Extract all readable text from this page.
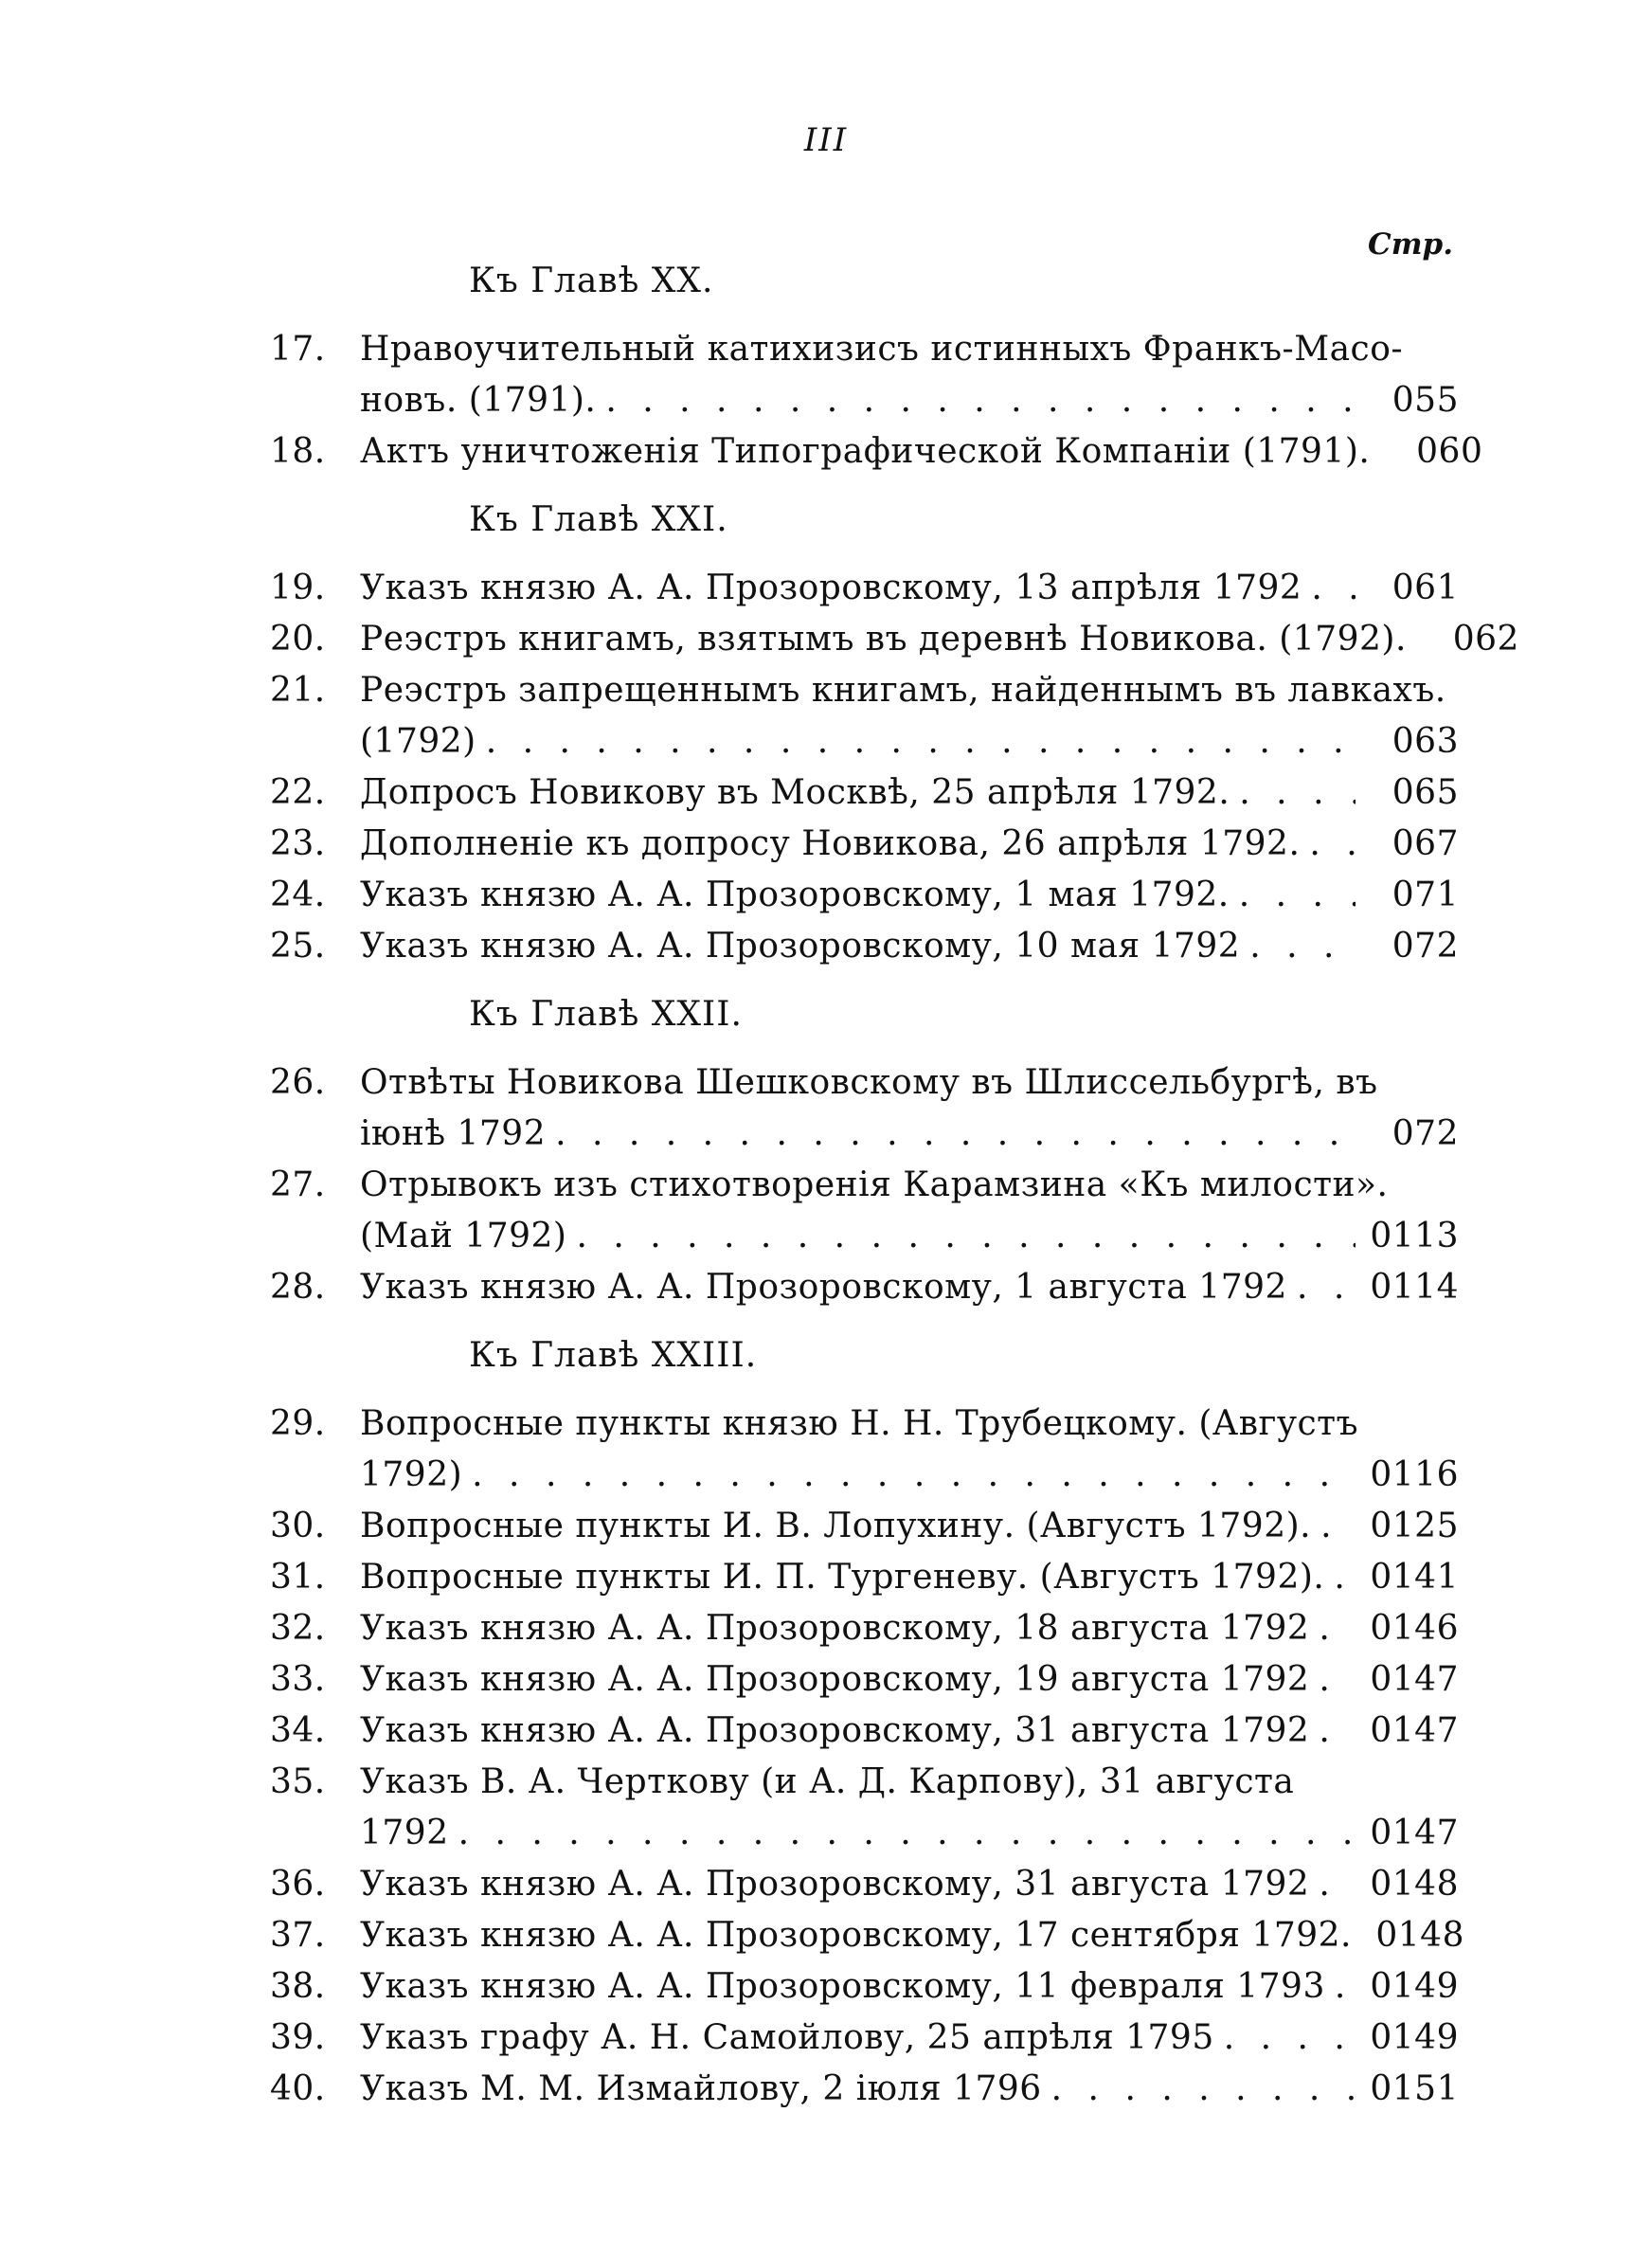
III
Стр.
Къ Главѣ XX.
17.	Нравоучительный катихизисъ истинныхъ Франкъ-Масо-
новъ. (1791). . . .	055
18.	Актъ уничтоженія Типографической Компаніи (1791). . . .	060
Къ Главѣ XXI.
19.	Указъ князю А. А. Прозоровскому, 13 апрѣля 1792 . . .	061
20.	Реэстръ книгамъ, взятымъ въ деревнѣ Новикова. (1792). . . .	062
21.	Реэстръ запрещеннымъ книгамъ, найденнымъ въ лавкахъ.
(1792) . . .	063
22.	Допросъ Новикову въ Москвѣ, 25 апрѣля 1792. . . .	065
23.	Дополненіе къ допросу Новикова, 26 апрѣля 1792. . . .	067
24.	Указъ князю А. А. Прозоровскому, 1 мая 1792. . . .	071
25.	Указъ князю А. А. Прозоровскому, 10 мая 1792 . . .	072
Къ Главѣ XXII.
26.	Отвѣты Новикова Шешковскому въ Шлиссельбургѣ, въ
іюнѣ 1792 . . .	072
27.	Отрывокъ изъ стихотворенія Карамзина «Къ милости».
(Май 1792) . . .	0113
28.	Указъ князю А. А. Прозоровскому, 1 августа 1792 . . .	0114
Къ Главѣ XXIII.
29.	Вопросные пункты князю Н. Н. Трубецкому. (Августъ
1792) . . .	0116
30.	Вопросные пункты И. В. Лопухину. (Августъ 1792). . . .	0125
31.	Вопросные пункты И. П. Тургеневу. (Августъ 1792). . . .	0141
32.	Указъ князю А. А. Прозоровскому, 18 августа 1792 . . .	0146
33.	Указъ князю А. А. Прозоровскому, 19 августа 1792 . . .	0147
34.	Указъ князю А. А. Прозоровскому, 31 августа 1792 . . .	0147
35.	Указъ В. А. Черткову (и А. Д. Карпову), 31 августа
1792 . . .	0147
36.	Указъ князю А. А. Прозоровскому, 31 августа 1792 . . .	0148
37.	Указъ князю А. А. Прозоровскому, 17 сентября 1792. . . . 0148
38.	Указъ князю А. А. Прозоровскому, 11 февраля 1793 . . .	0149
39.	Указъ графу А. Н. Самойлову, 25 апрѣля 1795 . . .	0149
40.	Указъ М. М. Измайлову, 2 іюля 1796 . . .	0151
